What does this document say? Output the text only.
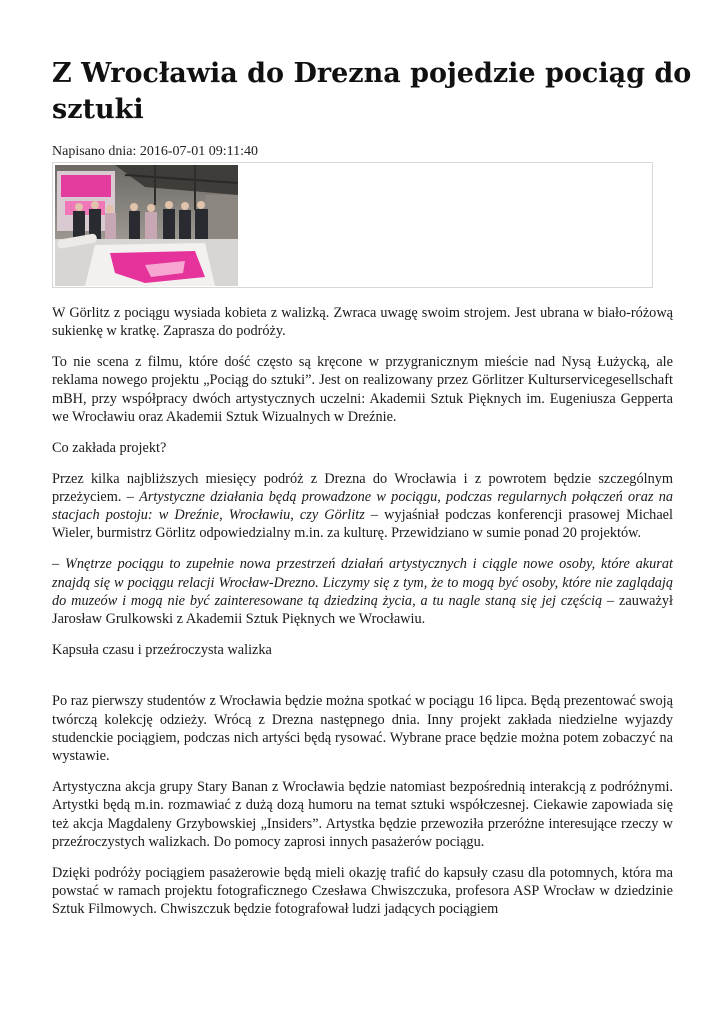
Z Wrocławia do Drezna pojedzie pociąg do sztuki
Napisano dnia: 2016-07-01 09:11:40

W Görlitz z pociągu wysiada kobieta z walizką. Zwraca uwagę swoim strojem. Jest ubrana w biało-różową sukienkę w kratkę. Zaprasza do podróży.

To nie scena z filmu, które dość często są kręcone w przygranicznym mieście nad Nysą Łużycką, ale reklama nowego projektu „Pociąg do sztuki”. Jest on realizowany przez Görlitzer Kulturservicegesellschaft mBH, przy współpracy dwóch artystycznych uczelni: Akademii Sztuk Pięknych im. Eugeniusza Gepperta we Wrocławiu oraz Akademii Sztuk Wizualnych w Dreźnie.

Co zakłada projekt?

Przez kilka najbliższych miesięcy podróż z Drezna do Wrocławia i z powrotem będzie szczególnym przeżyciem. – Artystyczne działania będą prowadzone w pociągu, podczas regularnych połączeń oraz na stacjach postoju: w Dreźnie, Wrocławiu, czy Görlitz – wyjaśniał podczas konferencji prasowej Michael Wieler, burmistrz Görlitz odpowiedzialny m.in. za kulturę. Przewidziano w sumie ponad 20 projektów.

– Wnętrze pociągu to zupełnie nowa przestrzeń działań artystycznych i ciągle nowe osoby, które akurat znajdą się w pociągu relacji Wrocław-Drezno. Liczymy się z tym, że to mogą być osoby, które nie zaglądają do muzeów i mogą nie być zainteresowane tą dziedziną życia, a tu nagle staną się jej częścią – zauważył Jarosław Grulkowski z Akademii Sztuk Pięknych we Wrocławiu.

Kapsuła czasu i przeźroczysta walizka

Po raz pierwszy studentów z Wrocławia będzie można spotkać w pociągu 16 lipca. Będą prezentować swoją twórczą kolekcję odzieży. Wrócą z Drezna następnego dnia. Inny projekt zakłada niedzielne wyjazdy studenckie pociągiem, podczas nich artyści będą rysować. Wybrane prace będzie można potem zobaczyć na wystawie.

Artystyczna akcja grupy Stary Banan z Wrocławia będzie natomiast bezpośrednią interakcją z podróżnymi. Artystki będą m.in. rozmawiać z dużą dozą humoru na temat sztuki współczesnej. Ciekawie zapowiada się też akcja Magdaleny Grzybowskiej „Insiders”. Artystka będzie przewoziła przeróżne interesujące rzeczy w przeźroczystych walizkach. Do pomocy zaprosi innych pasażerów pociągu.

Dzięki podróży pociągiem pasażerowie będą mieli okazję trafić do kapsuły czasu dla potomnych, która ma powstać w ramach projektu fotograficznego Czesława Chwiszczuka, profesora ASP Wrocław w dziedzinie Sztuk Filmowych. Chwiszczuk będzie fotografował ludzi jadących pociągiem
